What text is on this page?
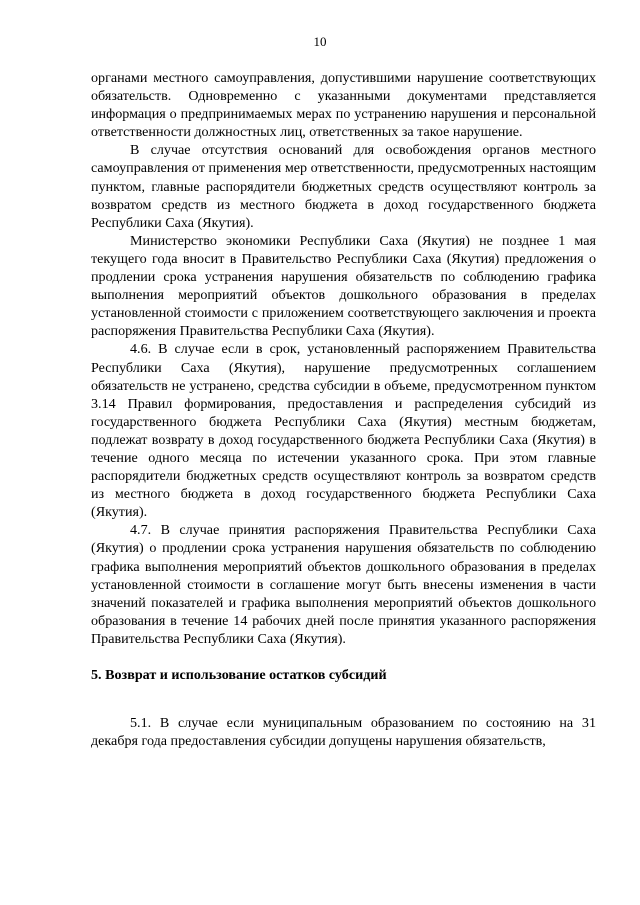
10

органами местного самоуправления, допустившими нарушение соответствующих обязательств. Одновременно с указанными документами представляется информация о предпринимаемых мерах по устранению нарушения и персональной ответственности должностных лиц, ответственных за такое нарушение.

В случае отсутствия оснований для освобождения органов местного самоуправления от применения мер ответственности, предусмотренных настоящим пунктом, главные распорядители бюджетных средств осуществляют контроль за возвратом средств из местного бюджета в доход государственного бюджета Республики Саха (Якутия).

Министерство экономики Республики Саха (Якутия) не позднее 1 мая текущего года вносит в Правительство Республики Саха (Якутия) предложения о продлении срока устранения нарушения обязательств по соблюдению графика выполнения мероприятий объектов дошкольного образования в пределах установленной стоимости с приложением соответствующего заключения и проекта распоряжения Правительства Республики Саха (Якутия).

4.6. В случае если в срок, установленный распоряжением Правительства Республики Саха (Якутия), нарушение предусмотренных соглашением обязательств не устранено, средства субсидии в объеме, предусмотренном пунктом 3.14 Правил формирования, предоставления и распределения субсидий из государственного бюджета Республики Саха (Якутия) местным бюджетам, подлежат возврату в доход государственного бюджета Республики Саха (Якутия) в течение одного месяца по истечении указанного срока. При этом главные распорядители бюджетных средств осуществляют контроль за возвратом средств из местного бюджета в доход государственного бюджета Республики Саха (Якутия).

4.7. В случае принятия распоряжения Правительства Республики Саха (Якутия) о продлении срока устранения нарушения обязательств по соблюдению графика выполнения мероприятий объектов дошкольного образования в пределах установленной стоимости в соглашение могут быть внесены изменения в части значений показателей и графика выполнения мероприятий объектов дошкольного образования в течение 14 рабочих дней после принятия указанного распоряжения Правительства Республики Саха (Якутия).

5. Возврат и использование остатков субсидий

5.1. В случае если муниципальным образованием по состоянию на 31 декабря года предоставления субсидии допущены нарушения обязательств,
